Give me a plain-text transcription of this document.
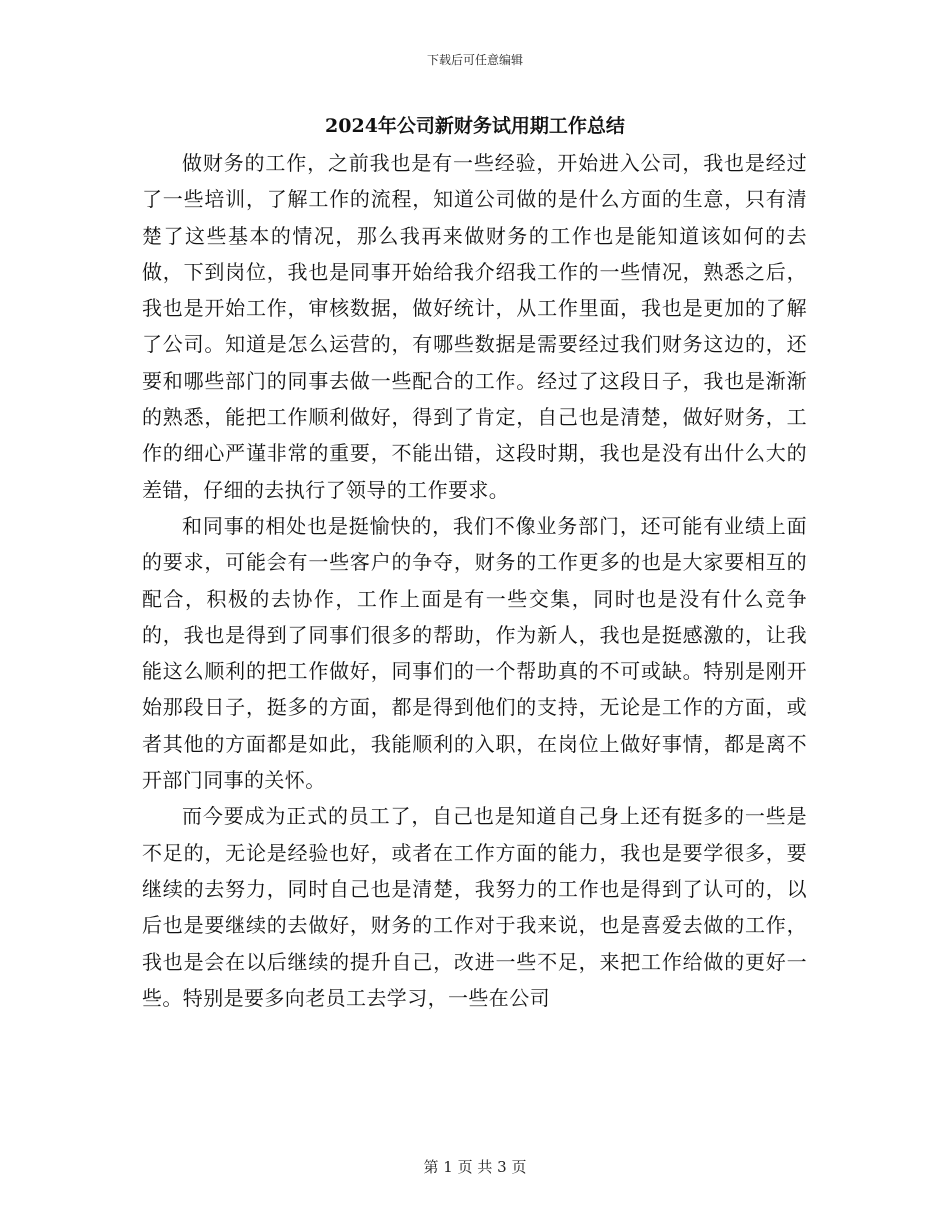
下载后可任意编辑
2024年公司新财务试用期工作总结

做财务的工作，之前我也是有一些经验，开始进入公司，我也是经过了一些培训，了解工作的流程，知道公司做的是什么方面的生意，只有清楚了这些基本的情况，那么我再来做财务的工作也是能知道该如何的去做，下到岗位，我也是同事开始给我介绍我工作的一些情况，熟悉之后，我也是开始工作，审核数据，做好统计，从工作里面，我也是更加的了解了公司。知道是怎么运营的，有哪些数据是需要经过我们财务这边的，还要和哪些部门的同事去做一些配合的工作。经过了这段日子，我也是渐渐的熟悉，能把工作顺利做好，得到了肯定，自己也是清楚，做好财务，工作的细心严谨非常的重要，不能出错，这段时期，我也是没有出什么大的差错，仔细的去执行了领导的工作要求。

和同事的相处也是挺愉快的，我们不像业务部门，还可能有业绩上面的要求，可能会有一些客户的争夺，财务的工作更多的也是大家要相互的配合，积极的去协作，工作上面是有一些交集，同时也是没有什么竞争的，我也是得到了同事们很多的帮助，作为新人，我也是挺感激的，让我能这么顺利的把工作做好，同事们的一个帮助真的不可或缺。特别是刚开始那段日子，挺多的方面，都是得到他们的支持，无论是工作的方面，或者其他的方面都是如此，我能顺利的入职，在岗位上做好事情，都是离不开部门同事的关怀。

而今要成为正式的员工了，自己也是知道自己身上还有挺多的一些是不足的，无论是经验也好，或者在工作方面的能力，我也是要学很多，要继续的去努力，同时自己也是清楚，我努力的工作也是得到了认可的，以后也是要继续的去做好，财务的工作对于我来说，也是喜爱去做的工作，我也是会在以后继续的提升自己，改进一些不足，来把工作给做的更好一些。特别是要多向老员工去学习，一些在公司

第 1 页 共 3 页
